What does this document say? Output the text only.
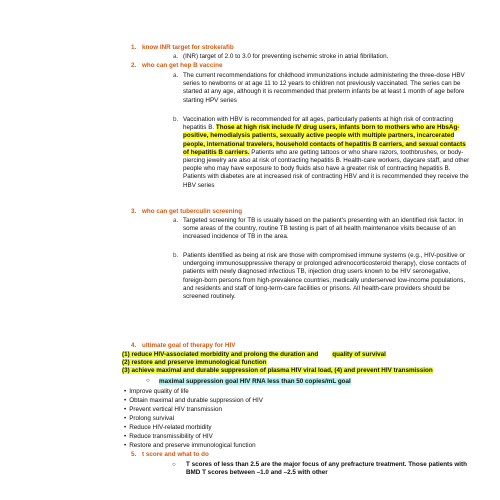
1. know INR target for stroke/afib
a. (INR) target of 2.0 to 3.0 for preventing ischemic stroke in atrial fibrillation.
2. who can get hep B vaccine
a. The current recommendations for childhood immunizations include administering the three-dose HBV series to newborns or at age 11 to 12 years to children not previously vaccinated. The series can be started at any age, although it is recommended that preterm infants be at least 1 month of age before starting HPV series
b. Vaccination with HBV is recommended for all ages, particularly patients at high risk of contracting hepatitis B. Those at high risk include IV drug users, infants born to mothers who are HbsAg-positive, hemodialysis patients, sexually active people with multiple partners, incarcerated people, international travelers, household contacts of hepatitis B carriers, and sexual contacts of hepatitis B carriers. Patients who are getting tattoos or who share razors, toothbrushes, or body-piercing jewelry are also at risk of contracting hepatitis B. Health-care workers, daycare staff, and other people who may have exposure to body fluids also have a greater risk of contracting hepatitis B. Patients with diabetes are at increased risk of contracting HBV and it is recommended they receive the HBV series
3. who can get tuberculin screening
a. Targeted screening for TB is usually based on the patient's presenting with an identified risk factor. In some areas of the country, routine TB testing is part of all health maintenance visits because of an increased incidence of TB in the area.
b. Patients identified as being at risk are those with compromised immune systems (e.g., HIV-positive or undergoing immunosuppressive therapy or prolonged adrenocorticosteroid therapy), close contacts of patients with newly diagnosed infectious TB, injection drug users known to be HIV seronegative, foreign-born persons from high-prevalence countries, medically underserved low-income populations, and residents and staff of long-term-care facilities or prisons. All health-care providers should be screened routinely.
4. ultimate goal of therapy for HIV
(1) reduce HIV-associated morbidity and prolong the duration and quality of survival
(2) restore and preserve immunological function
(3) achieve maximal and durable suppression of plasma HIV viral load, (4) and prevent HIV transmission
○ maximal suppression goal HIV RNA less than 50 copies/mL goal
• Improve quality of life
• Obtain maximal and durable suppression of HIV
• Prevent vertical HIV transmission
• Prolong survival
• Reduce HIV-related morbidity
• Reduce transmissibility of HIV
• Restore and preserve immunological function
5. t score and what to do
○ T scores of less than 2.5 are the major focus of any prefracture treatment. Those patients with BMD T scores between –1.0 and –2.5 with other
